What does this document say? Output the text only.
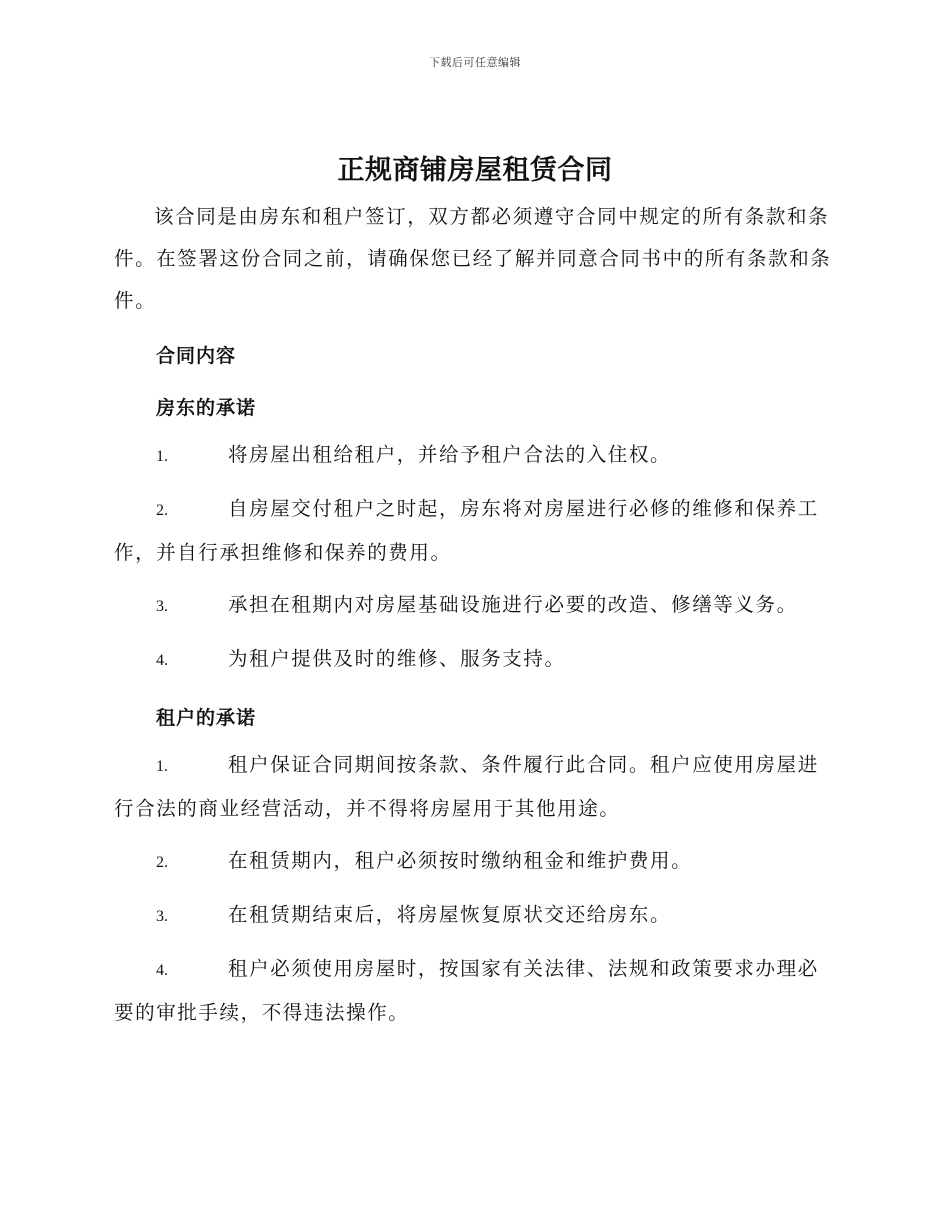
下载后可任意编辑
正规商铺房屋租赁合同

该合同是由房东和租户签订，双方都必须遵守合同中规定的所有条款和条件。在签署这份合同之前，请确保您已经了解并同意合同书中的所有条款和条件。

合同内容
房东的承诺

1.	将房屋出租给租户，并给予租户合法的入住权。

2.	自房屋交付租户之时起，房东将对房屋进行必修的维修和保养工作，并自行承担维修和保养的费用。

3.	承担在租期内对房屋基础设施进行必要的改造、修缮等义务。

4.	为租户提供及时的维修、服务支持。

租户的承诺

1.	租户保证合同期间按条款、条件履行此合同。租户应使用房屋进行合法的商业经营活动，并不得将房屋用于其他用途。

2.	在租赁期内，租户必须按时缴纳租金和维护费用。

3.	在租赁期结束后，将房屋恢复原状交还给房东。

4.	租户必须使用房屋时，按国家有关法律、法规和政策要求办理必要的审批手续，不得违法操作。
